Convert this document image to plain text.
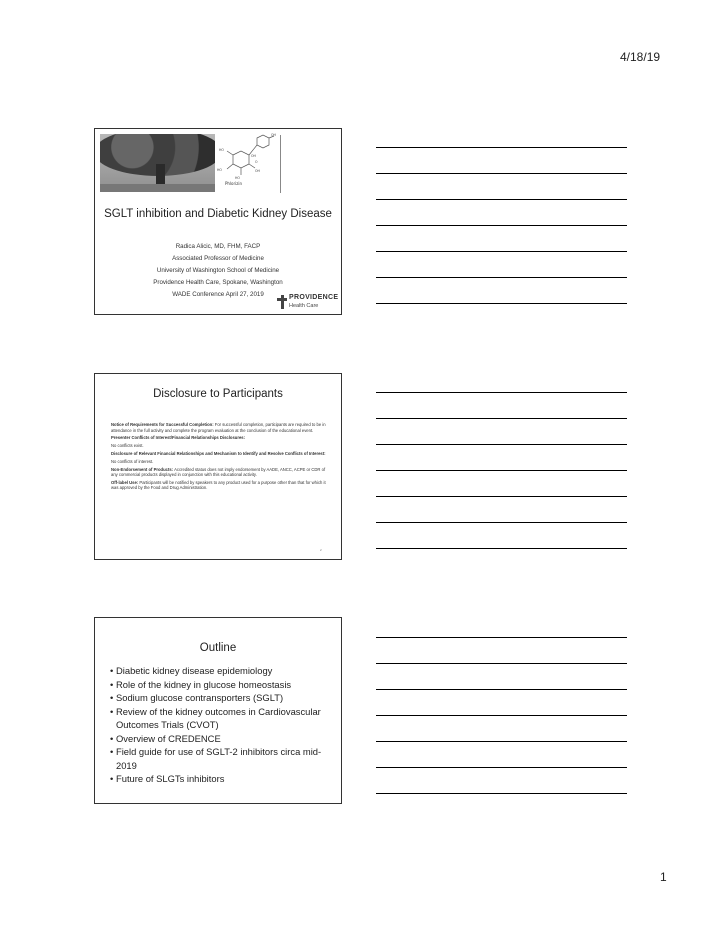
4/18/19
HO
OH
HO
HO
OH
OH
O
Phlorizin
SGLT inhibition and Diabetic Kidney Disease
Radica Alicic, MD, FHM, FACP
Associated Professor of Medicine
University of Washington School of Medicine
Providence Health Care, Spokane, Washington
WADE Conference April 27, 2019	PROVIDENCE
Health Care
Disclosure to Participants

Notice of Requirements for Successful Completion: For successful completion, participants are required to be in attendance in the full activity and complete the program evaluation at the conclusion of the educational event.

Presenter Conflicts of Interest/Financial Relationships Disclosures:

No conflicts exist.

Disclosure of Relevant Financial Relationships and Mechanism to Identify and Resolve Conflicts of Interest:

No conflicts of interest.

Non-Endorsement of Products: Accredited status does not imply endorsement by AADE, ANCC, ACPE or CDR of any commercial products displayed in conjunction with this educational activity.

Off-label Use: Participants will be notified by speakers to any product used for a purpose other than that for which it was approved by the Food and Drug Administration.

2
Outline
• Diabetic kidney disease epidemiology
• Role of the kidney in glucose homeostasis
• Sodium glucose contransporters (SGLT)
• Review of the kidney outcomes in Cardiovascular Outcomes Trials (CVOT)
• Overview of CREDENCE
• Field guide for use of SGLT-2 inhibitors circa mid-2019
• Future of SLGTs inhibitors
1
